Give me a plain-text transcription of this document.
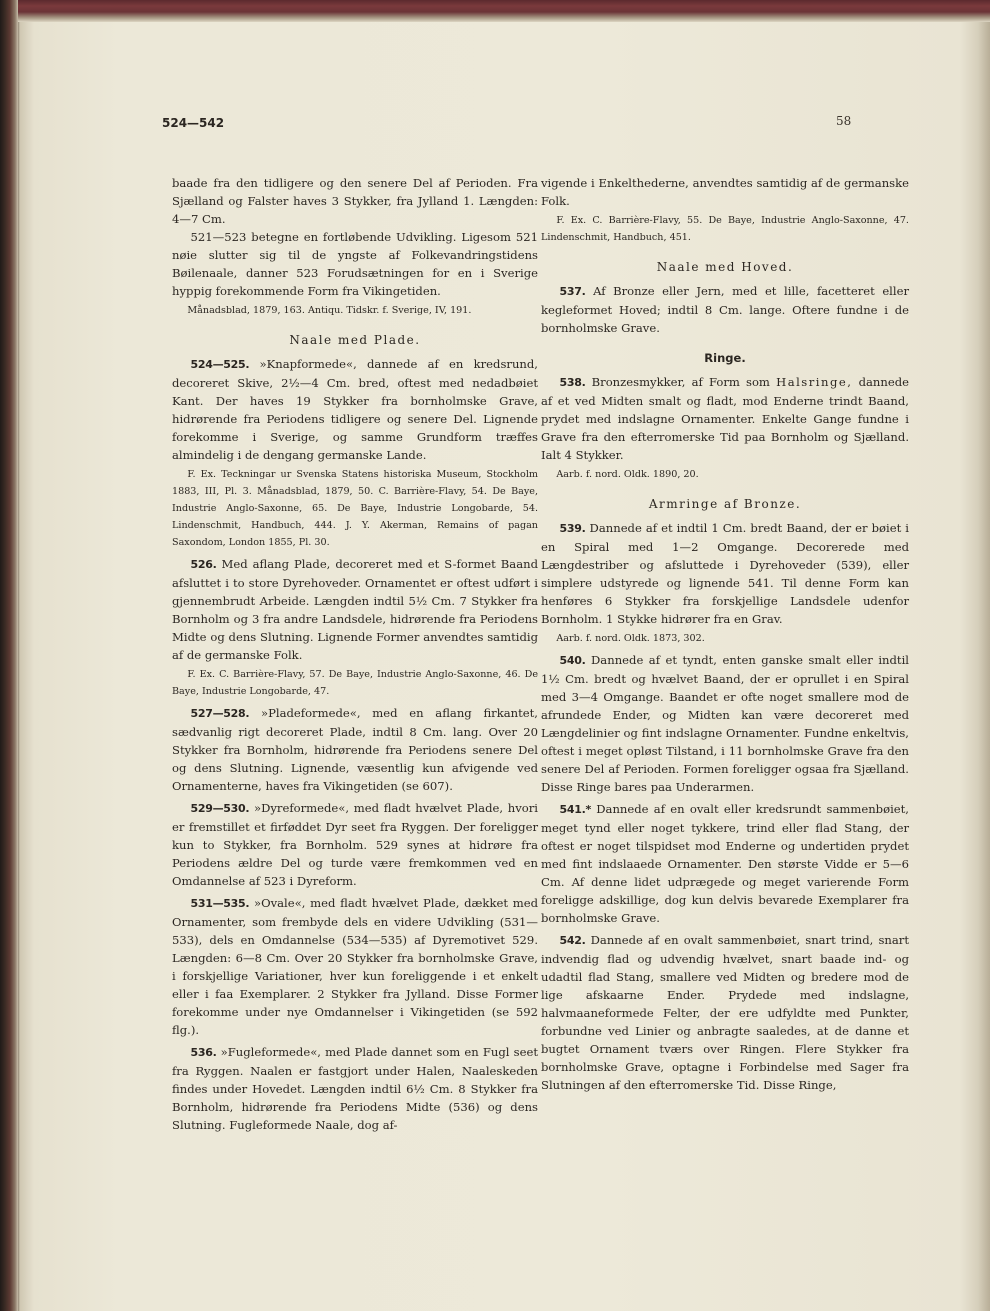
524—542	58

baade fra den tidligere og den senere Del af Perioden. Fra Sjælland og Falster haves 3 Stykker, fra Jylland 1. Længden: 4—7 Cm.

521—523 betegne en fortløbende Udvikling. Ligesom 521 nøie slutter sig til de yngste af Folkevandringstidens Bøilenaale, danner 523 Forudsætningen for en i Sverige hyppig forekommende Form fra Vikingetiden.

Månadsblad, 1879, 163. Antiqu. Tidskr. f. Sverige, IV, 191.

Naale med Plade.

524—525. »Knapformede«, dannede af en kredsrund, decoreret Skive, 2½—4 Cm. bred, oftest med nedadbøiet Kant. Der haves 19 Stykker fra bornholmske Grave, hidrørende fra Periodens tidligere og senere Del. Lignende forekomme i Sverige, og samme Grundform træffes almindelig i de dengang germanske Lande.

F. Ex. Teckningar ur Svenska Statens historiska Museum, Stockholm 1883, III, Pl. 3. Månadsblad, 1879, 50. C. Barrière-Flavy, 54. De Baye, Industrie Anglo-Saxonne, 65. De Baye, Industrie Longobarde, 54. Lindenschmit, Handbuch, 444. J. Y. Akerman, Remains of pagan Saxondom, London 1855, Pl. 30.

526. Med aflang Plade, decoreret med et S-formet Baand afsluttet i to store Dyrehoveder. Ornamentet er oftest udført i gjennembrudt Arbeide. Længden indtil 5½ Cm. 7 Stykker fra Bornholm og 3 fra andre Landsdele, hidrørende fra Periodens Midte og dens Slutning. Lignende Former anvendtes samtidig af de germanske Folk.

F. Ex. C. Barrière-Flavy, 57. De Baye, Industrie Anglo-Saxonne, 46. De Baye, Industrie Longobarde, 47.

527—528. »Pladeformede«, med en aflang firkantet, sædvanlig rigt decoreret Plade, indtil 8 Cm. lang. Over 20 Stykker fra Bornholm, hidrørende fra Periodens senere Del og dens Slutning. Lignende, væsentlig kun afvigende ved Ornamenterne, haves fra Vikingetiden (se 607).

529—530. »Dyreformede«, med fladt hvælvet Plade, hvori er fremstillet et firføddet Dyr seet fra Ryggen. Der foreligger kun to Stykker, fra Bornholm. 529 synes at hidrøre fra Periodens ældre Del og turde være fremkommen ved en Omdannelse af 523 i Dyreform.

531—535. »Ovale«, med fladt hvælvet Plade, dækket med Ornamenter, som frembyde dels en videre Udvikling (531—533), dels en Omdannelse (534—535) af Dyremotivet 529. Længden: 6—8 Cm. Over 20 Stykker fra bornholmske Grave, i forskjellige Variationer, hver kun foreliggende i et enkelt eller i faa Exemplarer. 2 Stykker fra Jylland. Disse Former forekomme under nye Omdannelser i Vikingetiden (se 592 flg.).

536. »Fugleformede«, med Plade dannet som en Fugl seet fra Ryggen. Naalen er fastgjort under Halen, Naaleskeden findes under Hovedet. Længden indtil 6½ Cm. 8 Stykker fra Bornholm, hidrørende fra Periodens Midte (536) og dens Slutning. Fugleformede Naale, dog af-

vigende i Enkelthederne, anvendtes samtidig af de germanske Folk.

F. Ex. C. Barrière-Flavy, 55. De Baye, Industrie Anglo-Saxonne, 47. Lindenschmit, Handbuch, 451.

Naale med Hoved.

537. Af Bronze eller Jern, med et lille, facetteret eller kegleformet Hoved; indtil 8 Cm. lange. Oftere fundne i de bornholmske Grave.

Ringe.

538. Bronzesmykker, af Form som Halsringe, dannede af et ved Midten smalt og fladt, mod Enderne trindt Baand, prydet med indslagne Ornamenter. Enkelte Gange fundne i Grave fra den efterromerske Tid paa Bornholm og Sjælland. Ialt 4 Stykker.

Aarb. f. nord. Oldk. 1890, 20.

Armringe af Bronze.

539. Dannede af et indtil 1 Cm. bredt Baand, der er bøiet i en Spiral med 1—2 Omgange. Decorerede med Længdestriber og afsluttede i Dyrehoveder (539), eller simplere udstyrede og lignende 541. Til denne Form kan henføres 6 Stykker fra forskjellige Landsdele udenfor Bornholm. 1 Stykke hidrører fra en Grav.

Aarb. f. nord. Oldk. 1873, 302.

540. Dannede af et tyndt, enten ganske smalt eller indtil 1½ Cm. bredt og hvælvet Baand, der er oprullet i en Spiral med 3—4 Omgange. Baandet er ofte noget smallere mod de afrundede Ender, og Midten kan være decoreret med Længdelinier og fint indslagne Ornamenter. Fundne enkeltvis, oftest i meget opløst Tilstand, i 11 bornholmske Grave fra den senere Del af Perioden. Formen foreligger ogsaa fra Sjælland. Disse Ringe bares paa Underarmen.

541.* Dannede af en ovalt eller kredsrundt sammenbøiet, meget tynd eller noget tykkere, trind eller flad Stang, der oftest er noget tilspidset mod Enderne og undertiden prydet med fint indslaaede Ornamenter. Den største Vidde er 5—6 Cm. Af denne lidet udprægede og meget varierende Form foreligge adskillige, dog kun delvis bevarede Exemplarer fra bornholmske Grave.

542. Dannede af en ovalt sammenbøiet, snart trind, snart indvendig flad og udvendig hvælvet, snart baade ind- og udadtil flad Stang, smallere ved Midten og bredere mod de lige afskaarne Ender. Prydede med indslagne, halvmaaneformede Felter, der ere udfyldte med Punkter, forbundne ved Linier og anbragte saaledes, at de danne et bugtet Ornament tværs over Ringen. Flere Stykker fra bornholmske Grave, optagne i Forbindelse med Sager fra Slutningen af den efterromerske Tid. Disse Ringe,
